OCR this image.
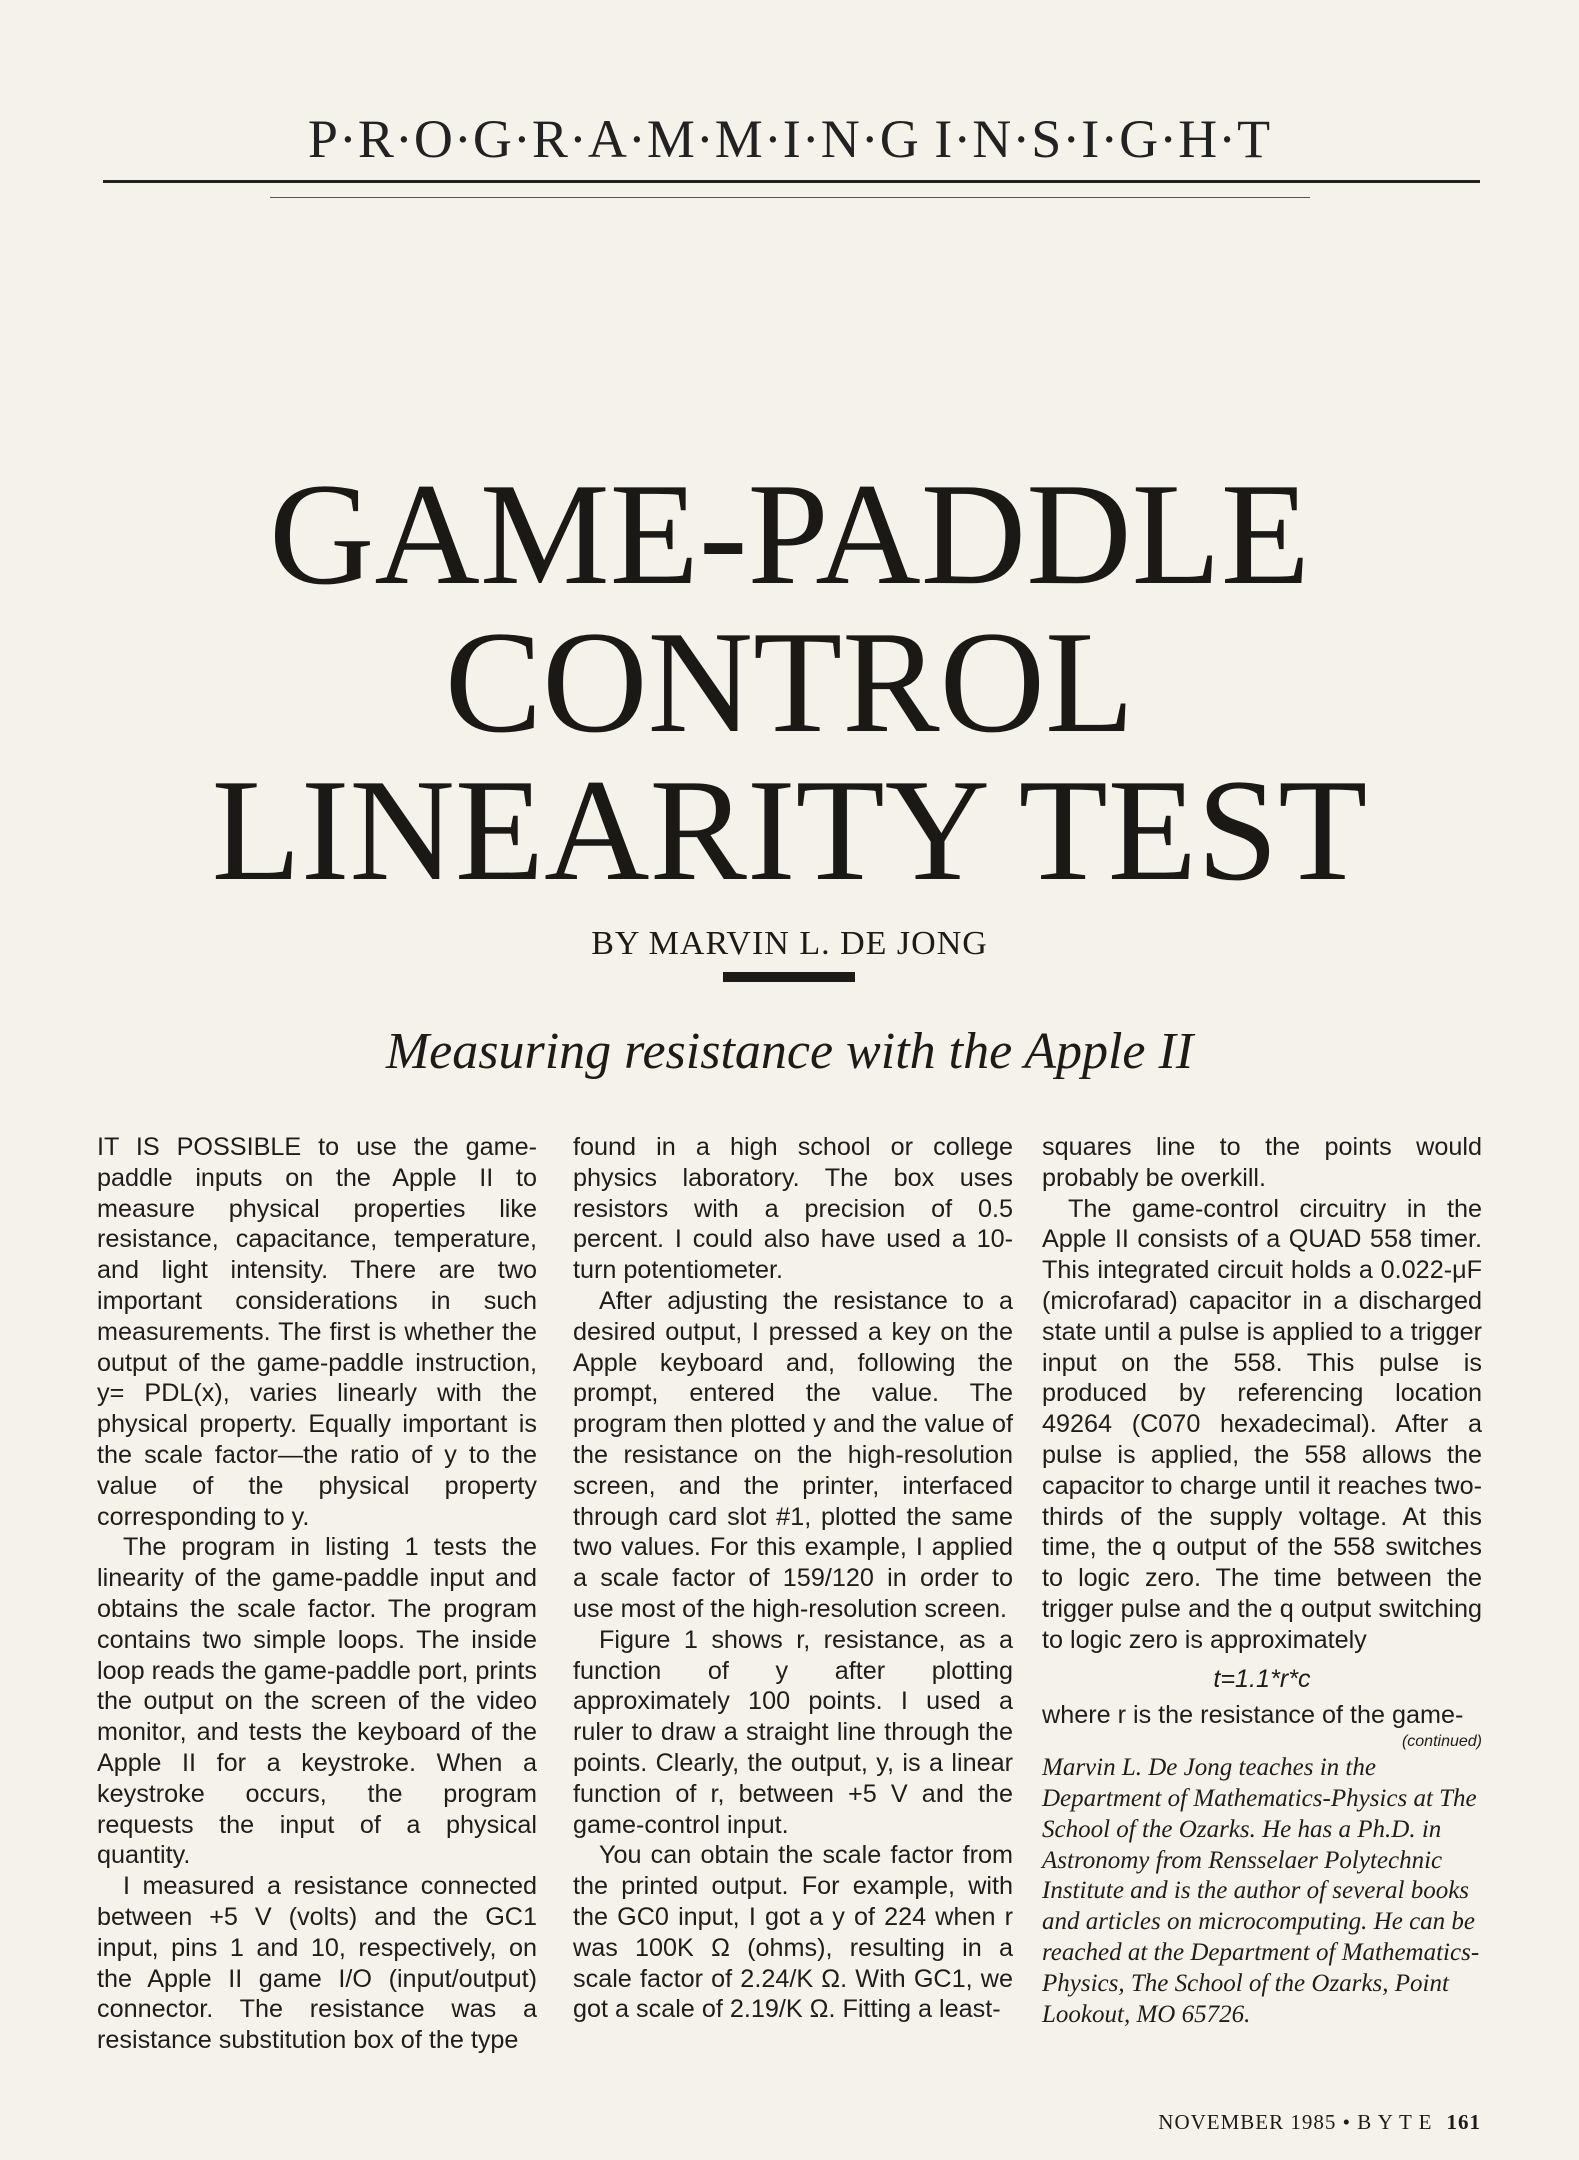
P·R·O·G·R·A·M·M·I·N·G I·N·S·I·G·H·T
GAME-PADDLE
CONTROL
LINEARITY TEST
BY MARVIN L. DE JONG
Measuring resistance with the Apple II

IT IS POSSIBLE to use the game-paddle inputs on the Apple II to measure physical properties like resistance, capacitance, temperature, and light intensity. There are two important considerations in such measurements. The first is whether the output of the game-paddle instruction, y= PDL(x), varies linearly with the physical property. Equally important is the scale factor—the ratio of y to the value of the physical property corresponding to y.

The program in listing 1 tests the linearity of the game-paddle input and obtains the scale factor. The program contains two simple loops. The inside loop reads the game-paddle port, prints the output on the screen of the video monitor, and tests the keyboard of the Apple II for a keystroke. When a keystroke occurs, the program requests the input of a physical quantity.

I measured a resistance connected between +5 V (volts) and the GC1 input, pins 1 and 10, respectively, on the Apple II game I/O (input/output) connector. The resistance was a resistance substitution box of the type

found in a high school or college physics laboratory. The box uses resistors with a precision of 0.5 percent. I could also have used a 10-turn potentiometer.

After adjusting the resistance to a desired output, I pressed a key on the Apple keyboard and, following the prompt, entered the value. The program then plotted y and the value of the resistance on the high-resolution screen, and the printer, interfaced through card slot #1, plotted the same two values. For this example, I applied a scale factor of 159/120 in order to use most of the high-resolution screen.

Figure 1 shows r, resistance, as a function of y after plotting approximately 100 points. I used a ruler to draw a straight line through the points. Clearly, the output, y, is a linear function of r, between +5 V and the game-control input.

You can obtain the scale factor from the printed output. For example, with the GC0 input, I got a y of 224 when r was 100K Ω (ohms), resulting in a scale factor of 2.24/K Ω. With GC1, we got a scale of 2.19/K Ω. Fitting a least-

squares line to the points would probably be overkill.

The game-control circuitry in the Apple II consists of a QUAD 558 timer. This integrated circuit holds a 0.022-μF (microfarad) capacitor in a discharged state until a pulse is applied to a trigger input on the 558. This pulse is produced by referencing location 49264 (C070 hexadecimal). After a pulse is applied, the 558 allows the capacitor to charge until it reaches two-thirds of the supply voltage. At this time, the q output of the 558 switches to logic zero. The time between the trigger pulse and the q output switching to logic zero is approximately

t=1.1*r*c

where r is the resistance of the game-

(continued)

Marvin L. De Jong teaches in the Department of Mathematics-Physics at The School of the Ozarks. He has a Ph.D. in Astronomy from Rensselaer Polytechnic Institute and is the author of several books and articles on microcomputing. He can be reached at the Department of Mathematics-Physics, The School of the Ozarks, Point Lookout, MO 65726.

NOVEMBER 1985 • B Y T E 161
